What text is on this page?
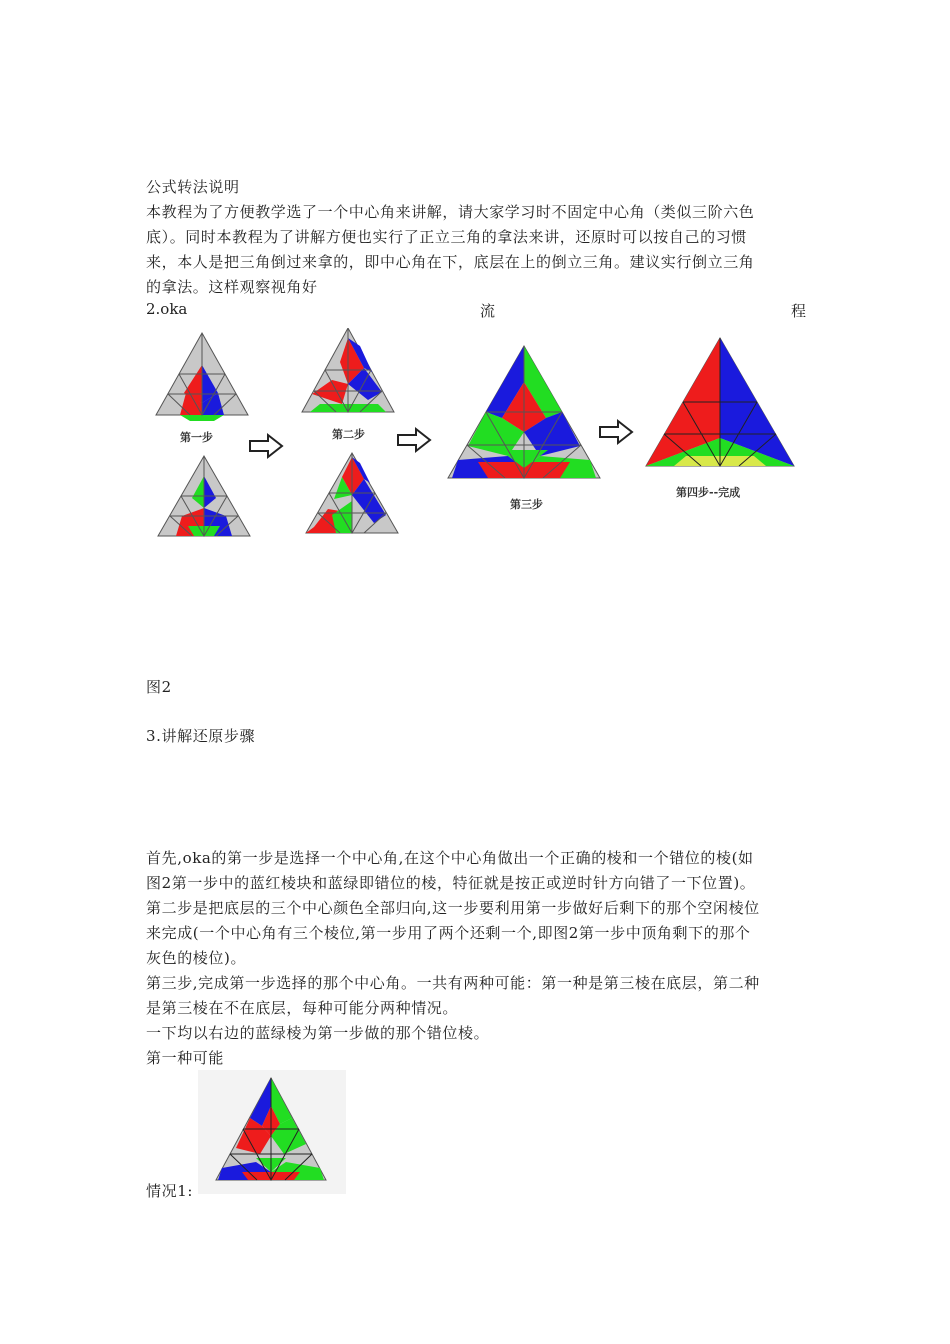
公式转法说明
本教程为了方便教学选了一个中心角来讲解，请大家学习时不固定中心角（类似三阶六色
底）。同时本教程为了讲解方便也实行了正立三角的拿法来讲，还原时可以按自己的习惯
来，本人是把三角倒过来拿的，即中心角在下，底层在上的倒立三角。建议实行倒立三角
的拿法。这样观察视角好
2.oka	流	程
第一步	第二步
第三步
第四步--完成
图2
3.讲解还原步骤
首先,oka的第一步是选择一个中心角,在这个中心角做出一个正确的棱和一个错位的棱(如
图2第一步中的蓝红棱块和蓝绿即错位的棱，特征就是按正或逆时针方向错了一下位置)。
第二步是把底层的三个中心颜色全部归向,这一步要利用第一步做好后剩下的那个空闲棱位
来完成(一个中心角有三个棱位,第一步用了两个还剩一个,即图2第一步中顶角剩下的那个
灰色的棱位)。
第三步,完成第一步选择的那个中心角。一共有两种可能：第一种是第三棱在底层，第二种
是第三棱在不在底层，每种可能分两种情况。
一下均以右边的蓝绿棱为第一步做的那个错位棱。
第一种可能
情况1:
